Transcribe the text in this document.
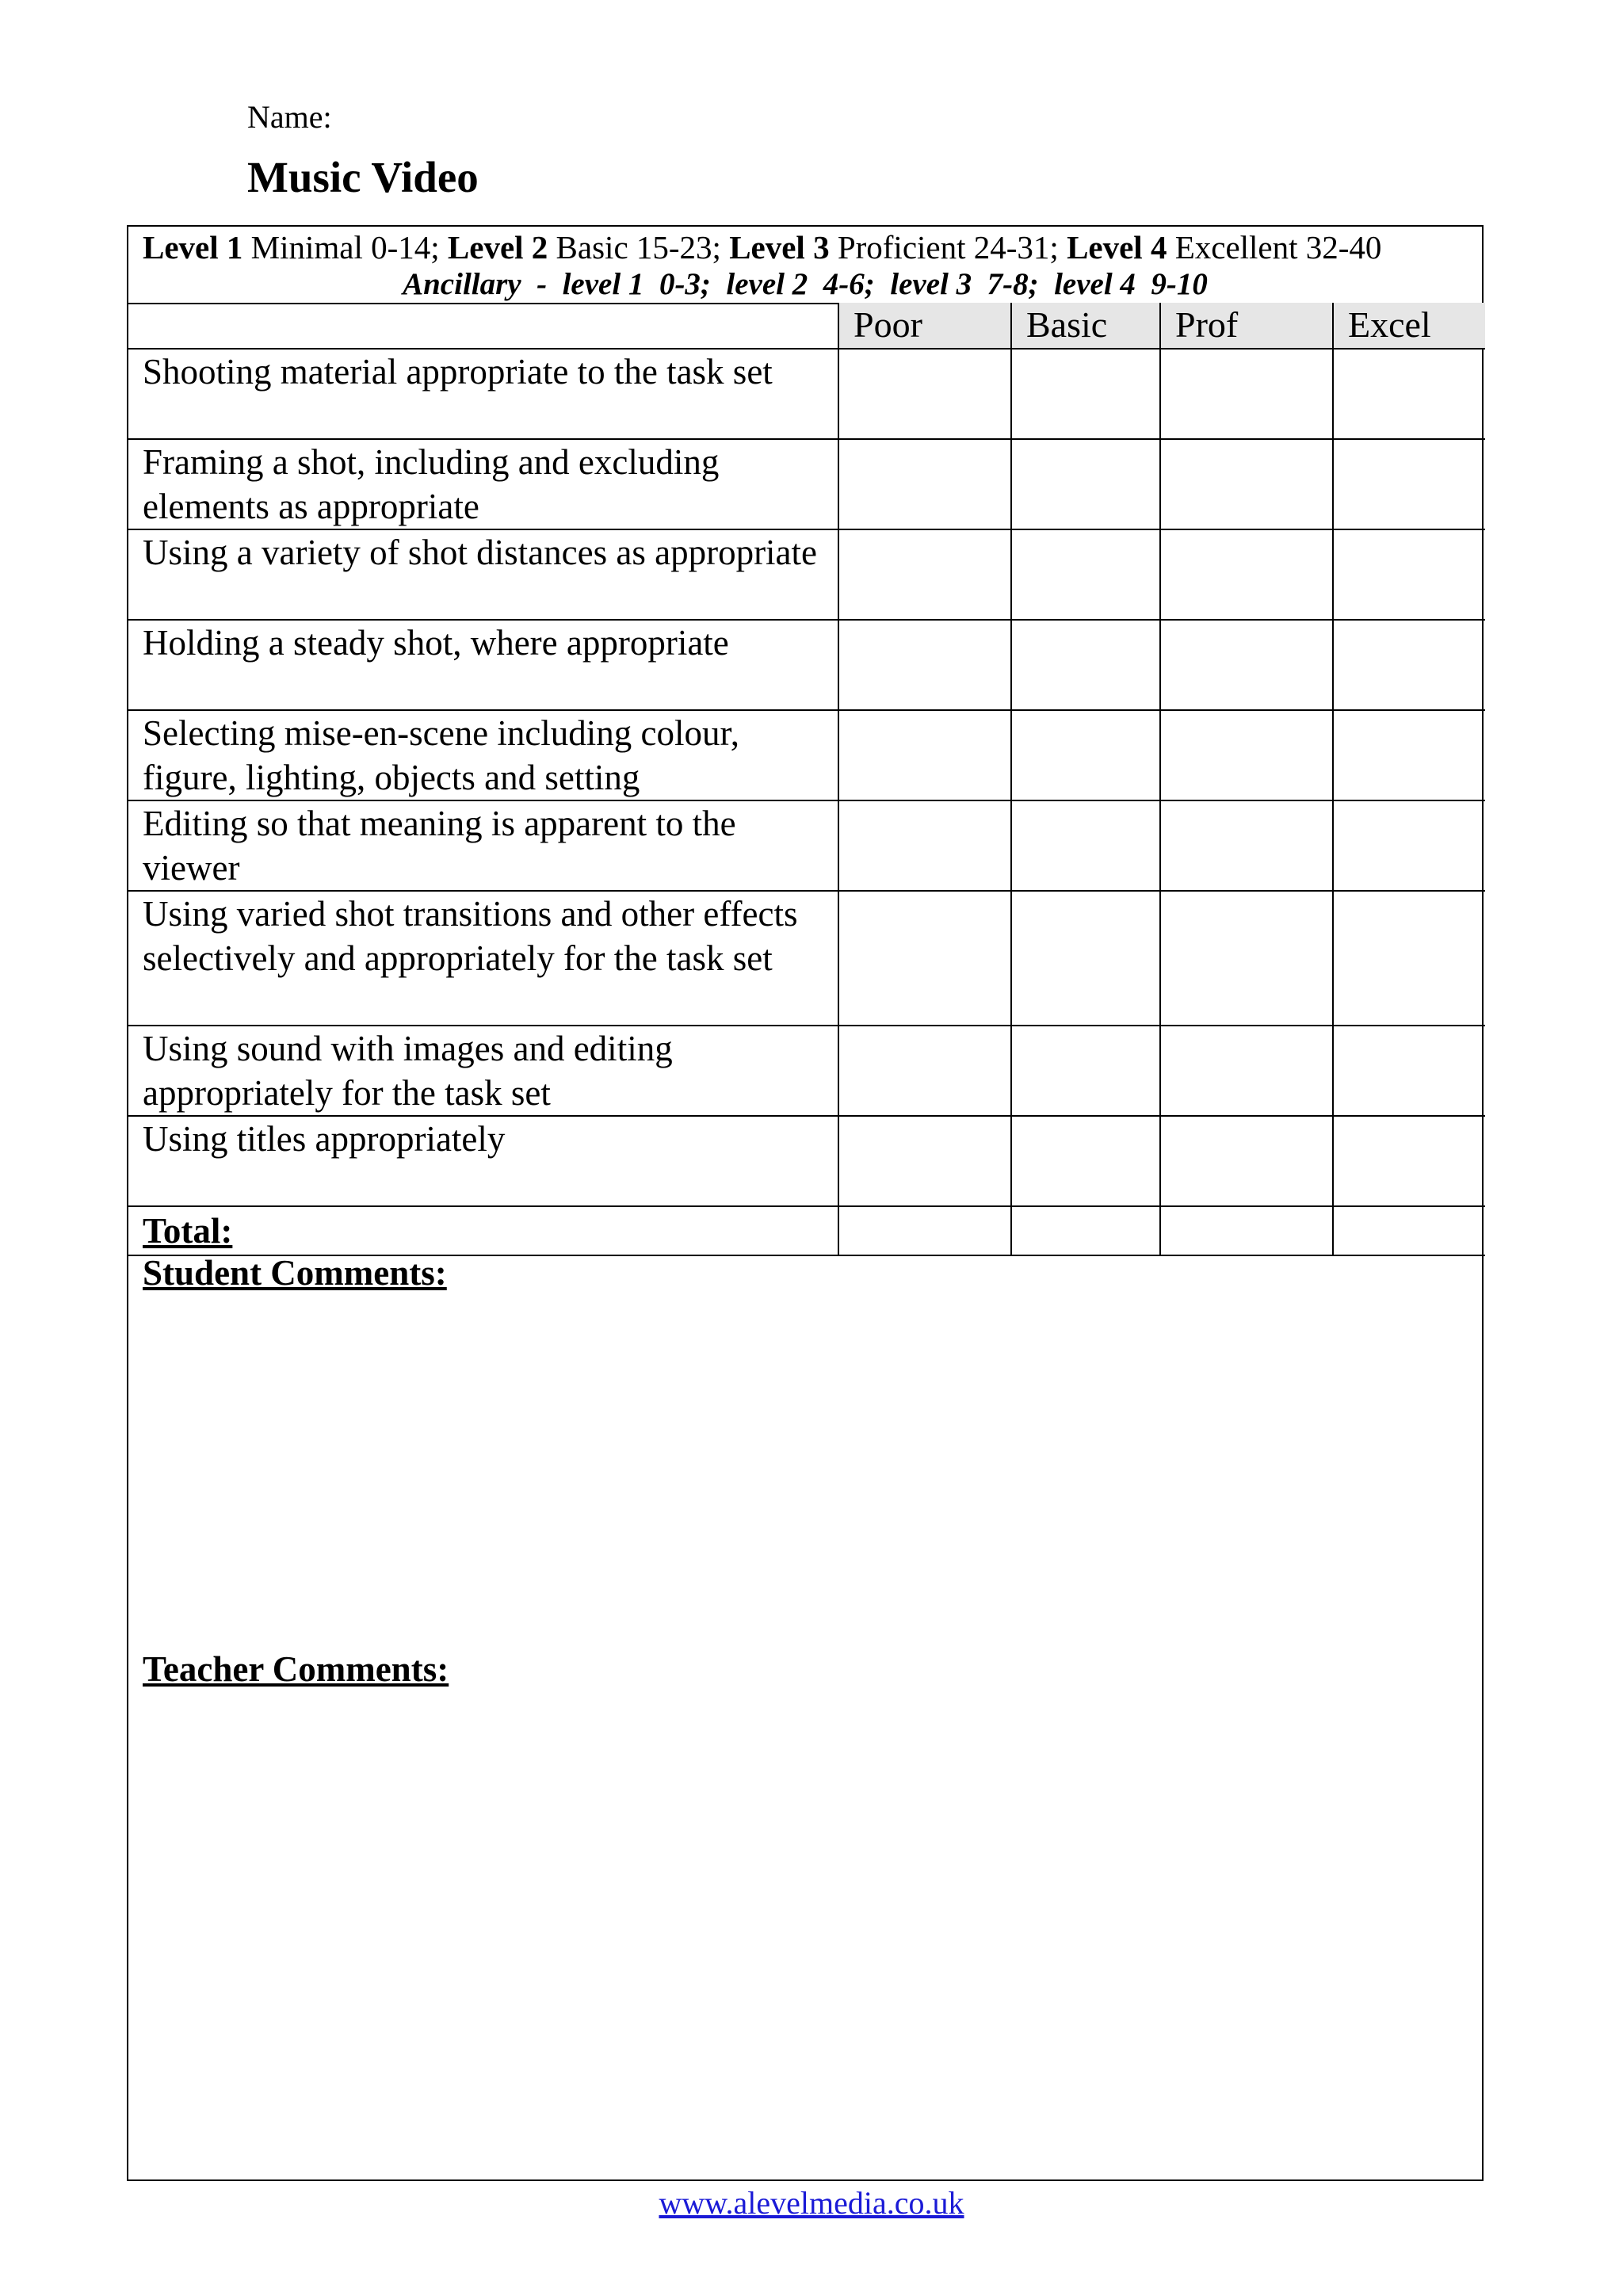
Name:
Music Video
Level 1 Minimal 0-14; Level 2 Basic 15-23; Level 3 Proficient 24-31; Level 4 Excellent 32-40
Ancillary  -  level 1  0-3;  level 2  4-6;  level 3  7-8;  level 4  9-10
	Poor	Basic	Prof	Excel
Shooting material appropriate to the task set				
Framing a shot, including and excluding elements as appropriate				
Using a variety of shot distances as appropriate				
Holding a steady shot, where appropriate				
Selecting mise-en-scene including colour, figure, lighting, objects and setting				
Editing so that meaning is apparent to the viewer				
Using varied shot transitions and other effects selectively and appropriately for the task set				
Using sound with images and editing appropriately for the task set				
Using titles appropriately				
Total:				
Student Comments:
Teacher Comments:
www.alevelmedia.co.uk
